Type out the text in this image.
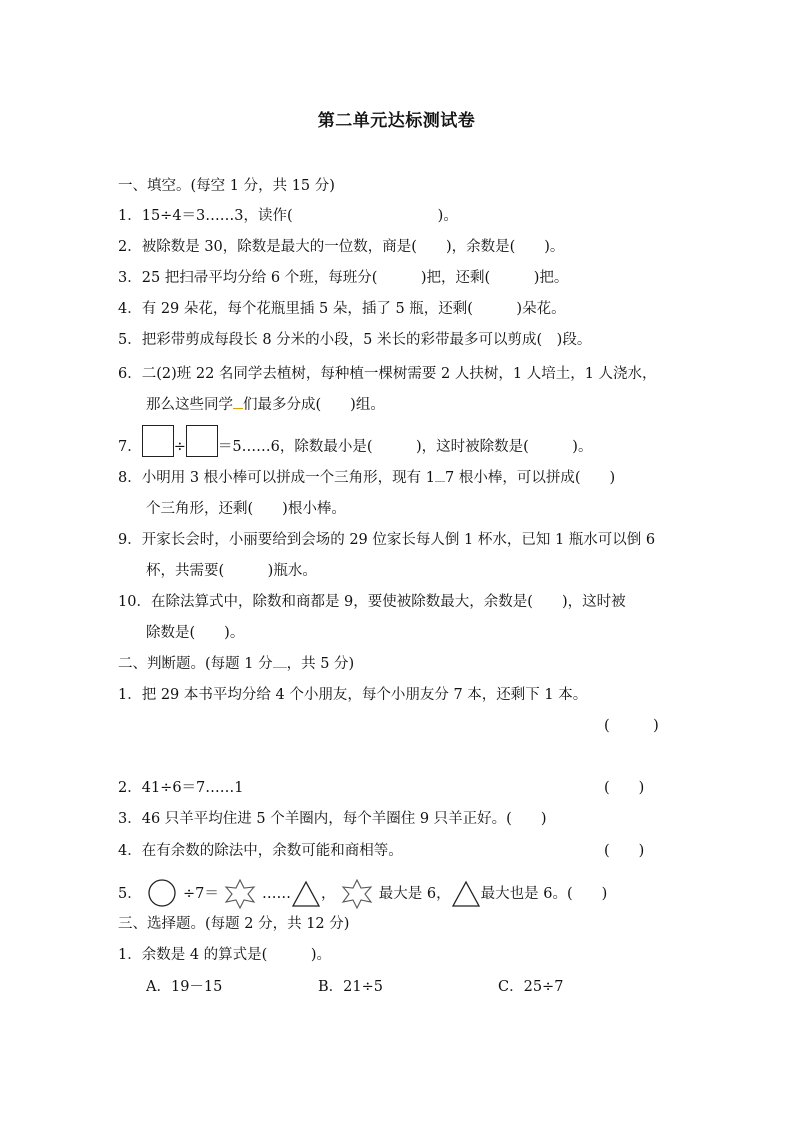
第二单元达标测试卷
一、填空。(每空 1 分，共 15 分)
1．15÷4＝3……3，读作(　　　　　　　　　　)。
2．被除数是 30，除数是最大的一位数，商是(　　)，余数是(　　)。
3．25 把扫帚平均分给 6 个班，每班分(　　　)把，还剩(　　　)把。
4．有 29 朵花，每个花瓶里插 5 朵，插了 5 瓶，还剩(　　　)朵花。
5．把彩带剪成每段长 8 分米的小段，5 米长的彩带最多可以剪成(　)段。
6．二(2)班 22 名同学去植树，每种植一棵树需要 2 人扶树，1 人培土，1 人浇水，
那么这些同学 们最多分成(　　)组。
7． ÷ ＝5……6，除数最小是(　　　)，这时被除数是(　　　)。
8．小明用 3 根小棒可以拼成一个三角形，现有 1 7 根小棒，可以拼成(　　)
个三角形，还剩(　　)根小棒。
9．开家长会时，小丽要给到会场的 29 位家长每人倒 1 杯水，已知 1 瓶水可以倒 6
杯，共需要(　　　)瓶水。
10．在除法算式中，除数和商都是 9，要使被除数最大，余数是(　　)，这时被
除数是(　　)。
二、判断题。(每题 1 分 ，共 5 分)
1．把 29 本书平均分给 4 个小朋友，每个小朋友分 7 本，还剩下 1 本。
(　　　)
2．41÷6＝7……1	(　　)
3．46 只羊平均住进 5 个羊圈内，每个羊圈住 9 只羊正好。(　　)
4．在有余数的除法中，余数可能和商相等。	(　　)
5．	÷7＝	…… ，	最大是 6， 最大也是 6。(　　)
三、选择题。(每题 2 分，共 12 分)
1．余数是 4 的算式是(　　　)。
A．19－15	B．21÷5	C．25÷7
